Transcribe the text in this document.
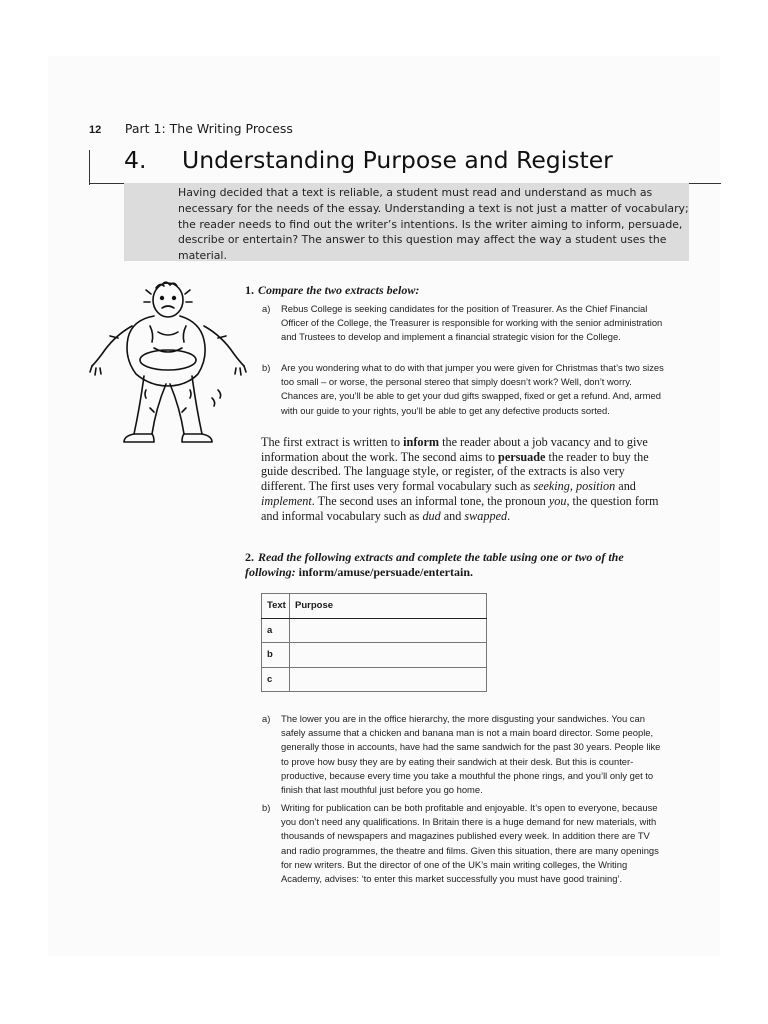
12 Part 1: The Writing Process
4. Understanding Purpose and Register
Having decided that a text is reliable, a student must read and understand as much as necessary for the needs of the essay. Understanding a text is not just a matter of vocabulary; the reader needs to find out the writer’s intentions. Is the writer aiming to inform, persuade, describe or entertain? The answer to this question may affect the way a student uses the material.
1. Compare the two extracts below:
a) Rebus College is seeking candidates for the position of Treasurer. As the Chief Financial Officer of the College, the Treasurer is responsible for working with the senior administration and Trustees to develop and implement a financial strategic vision for the College.
b) Are you wondering what to do with that jumper you were given for Christmas that’s two sizes too small – or worse, the personal stereo that simply doesn’t work? Well, don’t worry. Chances are, you’ll be able to get your dud gifts swapped, fixed or get a refund. And, armed with our guide to your rights, you’ll be able to get any defective products sorted.
The first extract is written to inform the reader about a job vacancy and to give information about the work. The second aims to persuade the reader to buy the guide described. The language style, or register, of the extracts is also very different. The first uses very formal vocabulary such as seeking, position and implement. The second uses an informal tone, the pronoun you, the question form and informal vocabulary such as dud and swapped.
2. Read the following extracts and complete the table using one or two of the following: inform/amuse/persuade/entertain.
Text	Purpose
a	
b	
c	
a) The lower you are in the office hierarchy, the more disgusting your sandwiches. You can safely assume that a chicken and banana man is not a main board director. Some people, generally those in accounts, have had the same sandwich for the past 30 years. People like to prove how busy they are by eating their sandwich at their desk. But this is counter-productive, because every time you take a mouthful the phone rings, and you’ll only get to finish that last mouthful just before you go home.
b) Writing for publication can be both profitable and enjoyable. It’s open to everyone, because you don’t need any qualifications. In Britain there is a huge demand for new materials, with thousands of newspapers and magazines published every week. In addition there are TV and radio programmes, the theatre and films. Given this situation, there are many openings for new writers. But the director of one of the UK’s main writing colleges, the Writing Academy, advises: ‘to enter this market successfully you must have good training’.
